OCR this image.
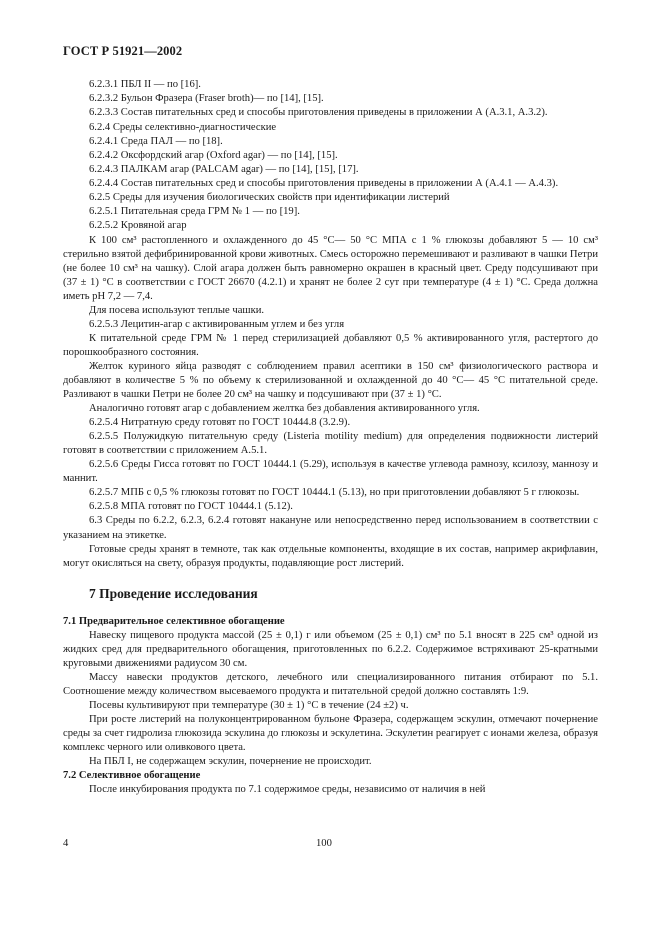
ГОСТ Р 51921—2002

6.2.3.1 ПБЛ II — по [16].

6.2.3.2 Бульон Фразера (Fraser broth)— по [14], [15].

6.2.3.3 Состав питательных сред и способы приготовления приведены в приложении А (А.3.1, А.3.2).

6.2.4 Среды селективно-диагностические

6.2.4.1 Среда ПАЛ — по [18].

6.2.4.2 Оксфордский агар (Oxford agar) — по [14], [15].

6.2.4.3 ПАЛКАМ агар (PALCAM agar) — по [14], [15], [17].

6.2.4.4 Состав питательных сред и способы приготовления приведены в приложении А (А.4.1 — А.4.3).

6.2.5 Среды для изучения биологических свойств при идентификации листерий

6.2.5.1 Питательная среда ГРМ № 1 — по [19].

6.2.5.2 Кровяной агар

К 100 см³ растопленного и охлажденного до 45 °С— 50 °С МПА с 1 % глюкозы добавляют 5 — 10 см³ стерильно взятой дефибринированной крови животных. Смесь осторожно перемешивают и разливают в чашки Петри (не более 10 см³ на чашку). Слой агара должен быть равномерно окрашен в красный цвет. Среду подсушивают при (37 ± 1) °С в соответствии с ГОСТ 26670 (4.2.1) и хранят не более 2 сут при температуре (4 ± 1) °С. Среда должна иметь рН 7,2 — 7,4.

Для посева используют теплые чашки.

6.2.5.3 Лецитин-агар с активированным углем и без угля

К питательной среде ГРМ № 1 перед стерилизацией добавляют 0,5 % активированного угля, растертого до порошкообразного состояния.

Желток куриного яйца разводят с соблюдением правил асептики в 150 см³ физиологического раствора и добавляют в количестве 5 % по объему к стерилизованной и охлажденной до 40 °С— 45 °С питательной среде. Разливают в чашки Петри не более 20 см³ на чашку и подсушивают при (37 ± 1) °С.

Аналогично готовят агар с добавлением желтка без добавления активированного угля.

6.2.5.4 Нитратную среду готовят по ГОСТ 10444.8 (3.2.9).

6.2.5.5 Полужидкую питательную среду (Listeria motility medium) для определения подвижности листерий готовят в соответствии с приложением А.5.1.

6.2.5.6 Среды Гисса готовят по ГОСТ 10444.1 (5.29), используя в качестве углевода рамнозу, ксилозу, маннозу и маннит.

6.2.5.7 МПБ с 0,5 % глюкозы готовят по ГОСТ 10444.1 (5.13), но при приготовлении добавляют 5 г глюкозы.

6.2.5.8 МПА готовят по ГОСТ 10444.1 (5.12).

6.3 Среды по 6.2.2, 6.2.3, 6.2.4 готовят накануне или непосредственно перед использованием в соответствии с указанием на этикетке.

Готовые среды хранят в темноте, так как отдельные компоненты, входящие в их состав, например акрифлавин, могут окисляться на свету, образуя продукты, подавляющие рост листерий.

7 Проведение исследования

7.1 Предварительное селективное обогащение

Навеску пищевого продукта массой (25 ± 0,1) г или объемом (25 ± 0,1) см³ по 5.1 вносят в 225 см³ одной из жидких сред для предварительного обогащения, приготовленных по 6.2.2. Содержимое встряхивают 25-кратными круговыми движениями радиусом 30 см.

Массу навески продуктов детского, лечебного или специализированного питания отбирают по 5.1. Соотношение между количеством высеваемого продукта и питательной средой должно составлять 1:9.

Посевы культивируют при температуре (30 ± 1) °С в течение (24 ±2) ч.

При росте листерий на полуконцентрированном бульоне Фразера, содержащем эскулин, отмечают почернение среды за счет гидролиза глюкозида эскулина до глюкозы и эскулетина. Эскулетин реагирует с ионами железа, образуя комплекс черного или оливкового цвета.

На ПБЛ I, не содержащем эскулин, почернение не происходит.

7.2 Селективное обогащение

После инкубирования продукта по 7.1 содержимое среды, независимо от наличия в ней

4	100
